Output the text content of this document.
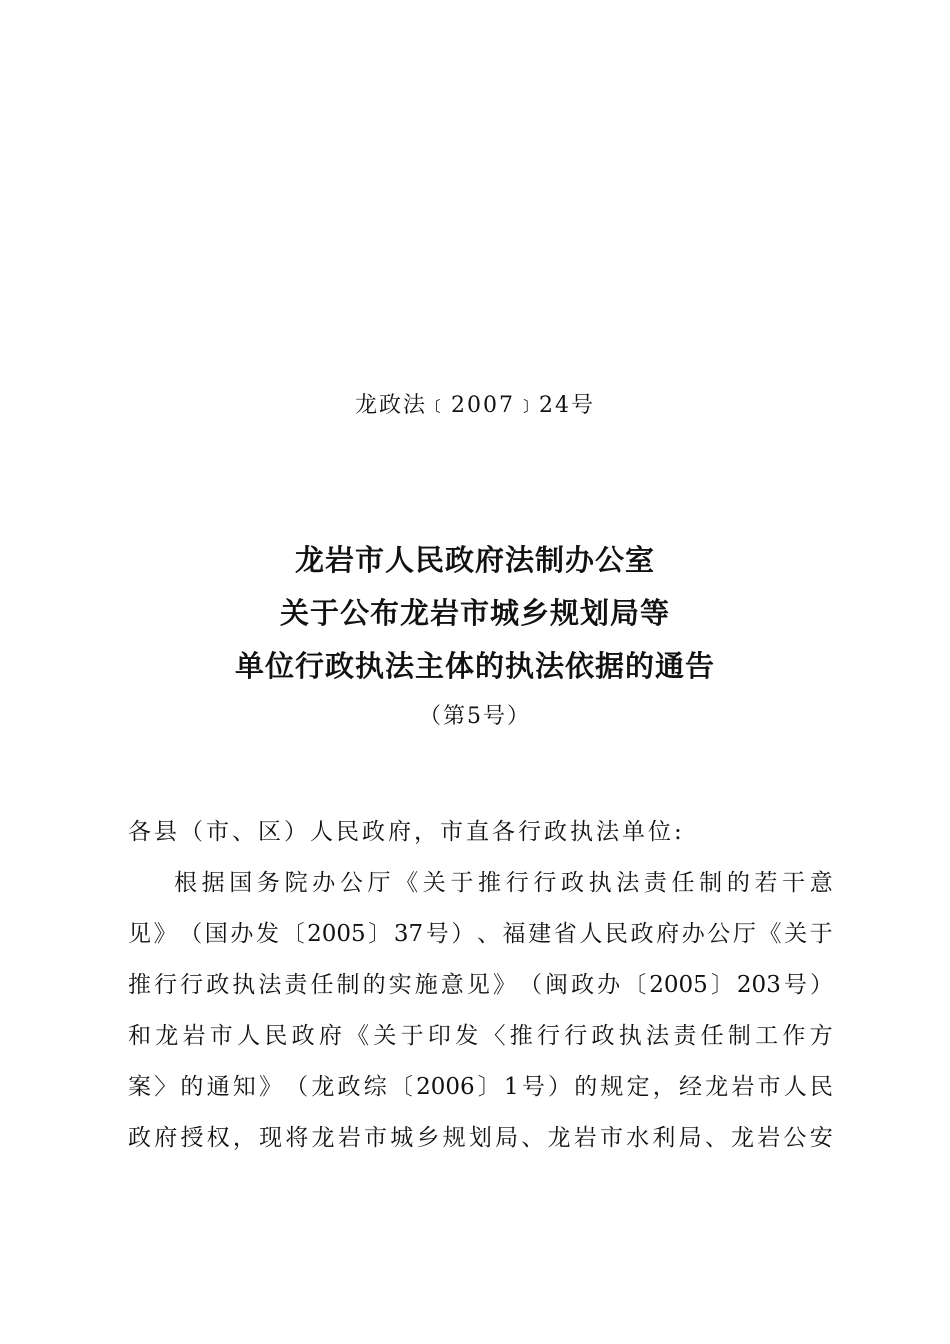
龙政法﹝2007﹞24号
龙岩市人民政府法制办公室
关于公布龙岩市城乡规划局等
单位行政执法主体的执法依据的通告
（第5号）
各县（市、区）人民政府，市直各行政执法单位:
根 据 国 务 院 办 公 厅 《 关 于 推 行 行 政 执 法 责 任 制 的 若 干 意
见 》 （ 国 办 发 〔 2005 〕 37 号 ） 、 福 建 省 人 民 政 府 办 公 厅 《 关 于
推 行 行 政 执 法 责 任 制 的 实 施 意 见 》 （ 闽 政 办 〔 2005 〕 203 号 ）
和 龙 岩 市 人 民 政 府 《 关 于 印 发 〈 推 行 行 政 执 法 责 任 制 工 作 方
案 〉 的 通 知 》 （ 龙 政 综 〔 2006 〕 1 号 ） 的 规 定 ， 经 龙 岩 市 人 民
政 府 授 权 ， 现 将 龙 岩 市 城 乡 规 划 局 、 龙 岩 市 水 利 局 、 龙 岩 公 安
